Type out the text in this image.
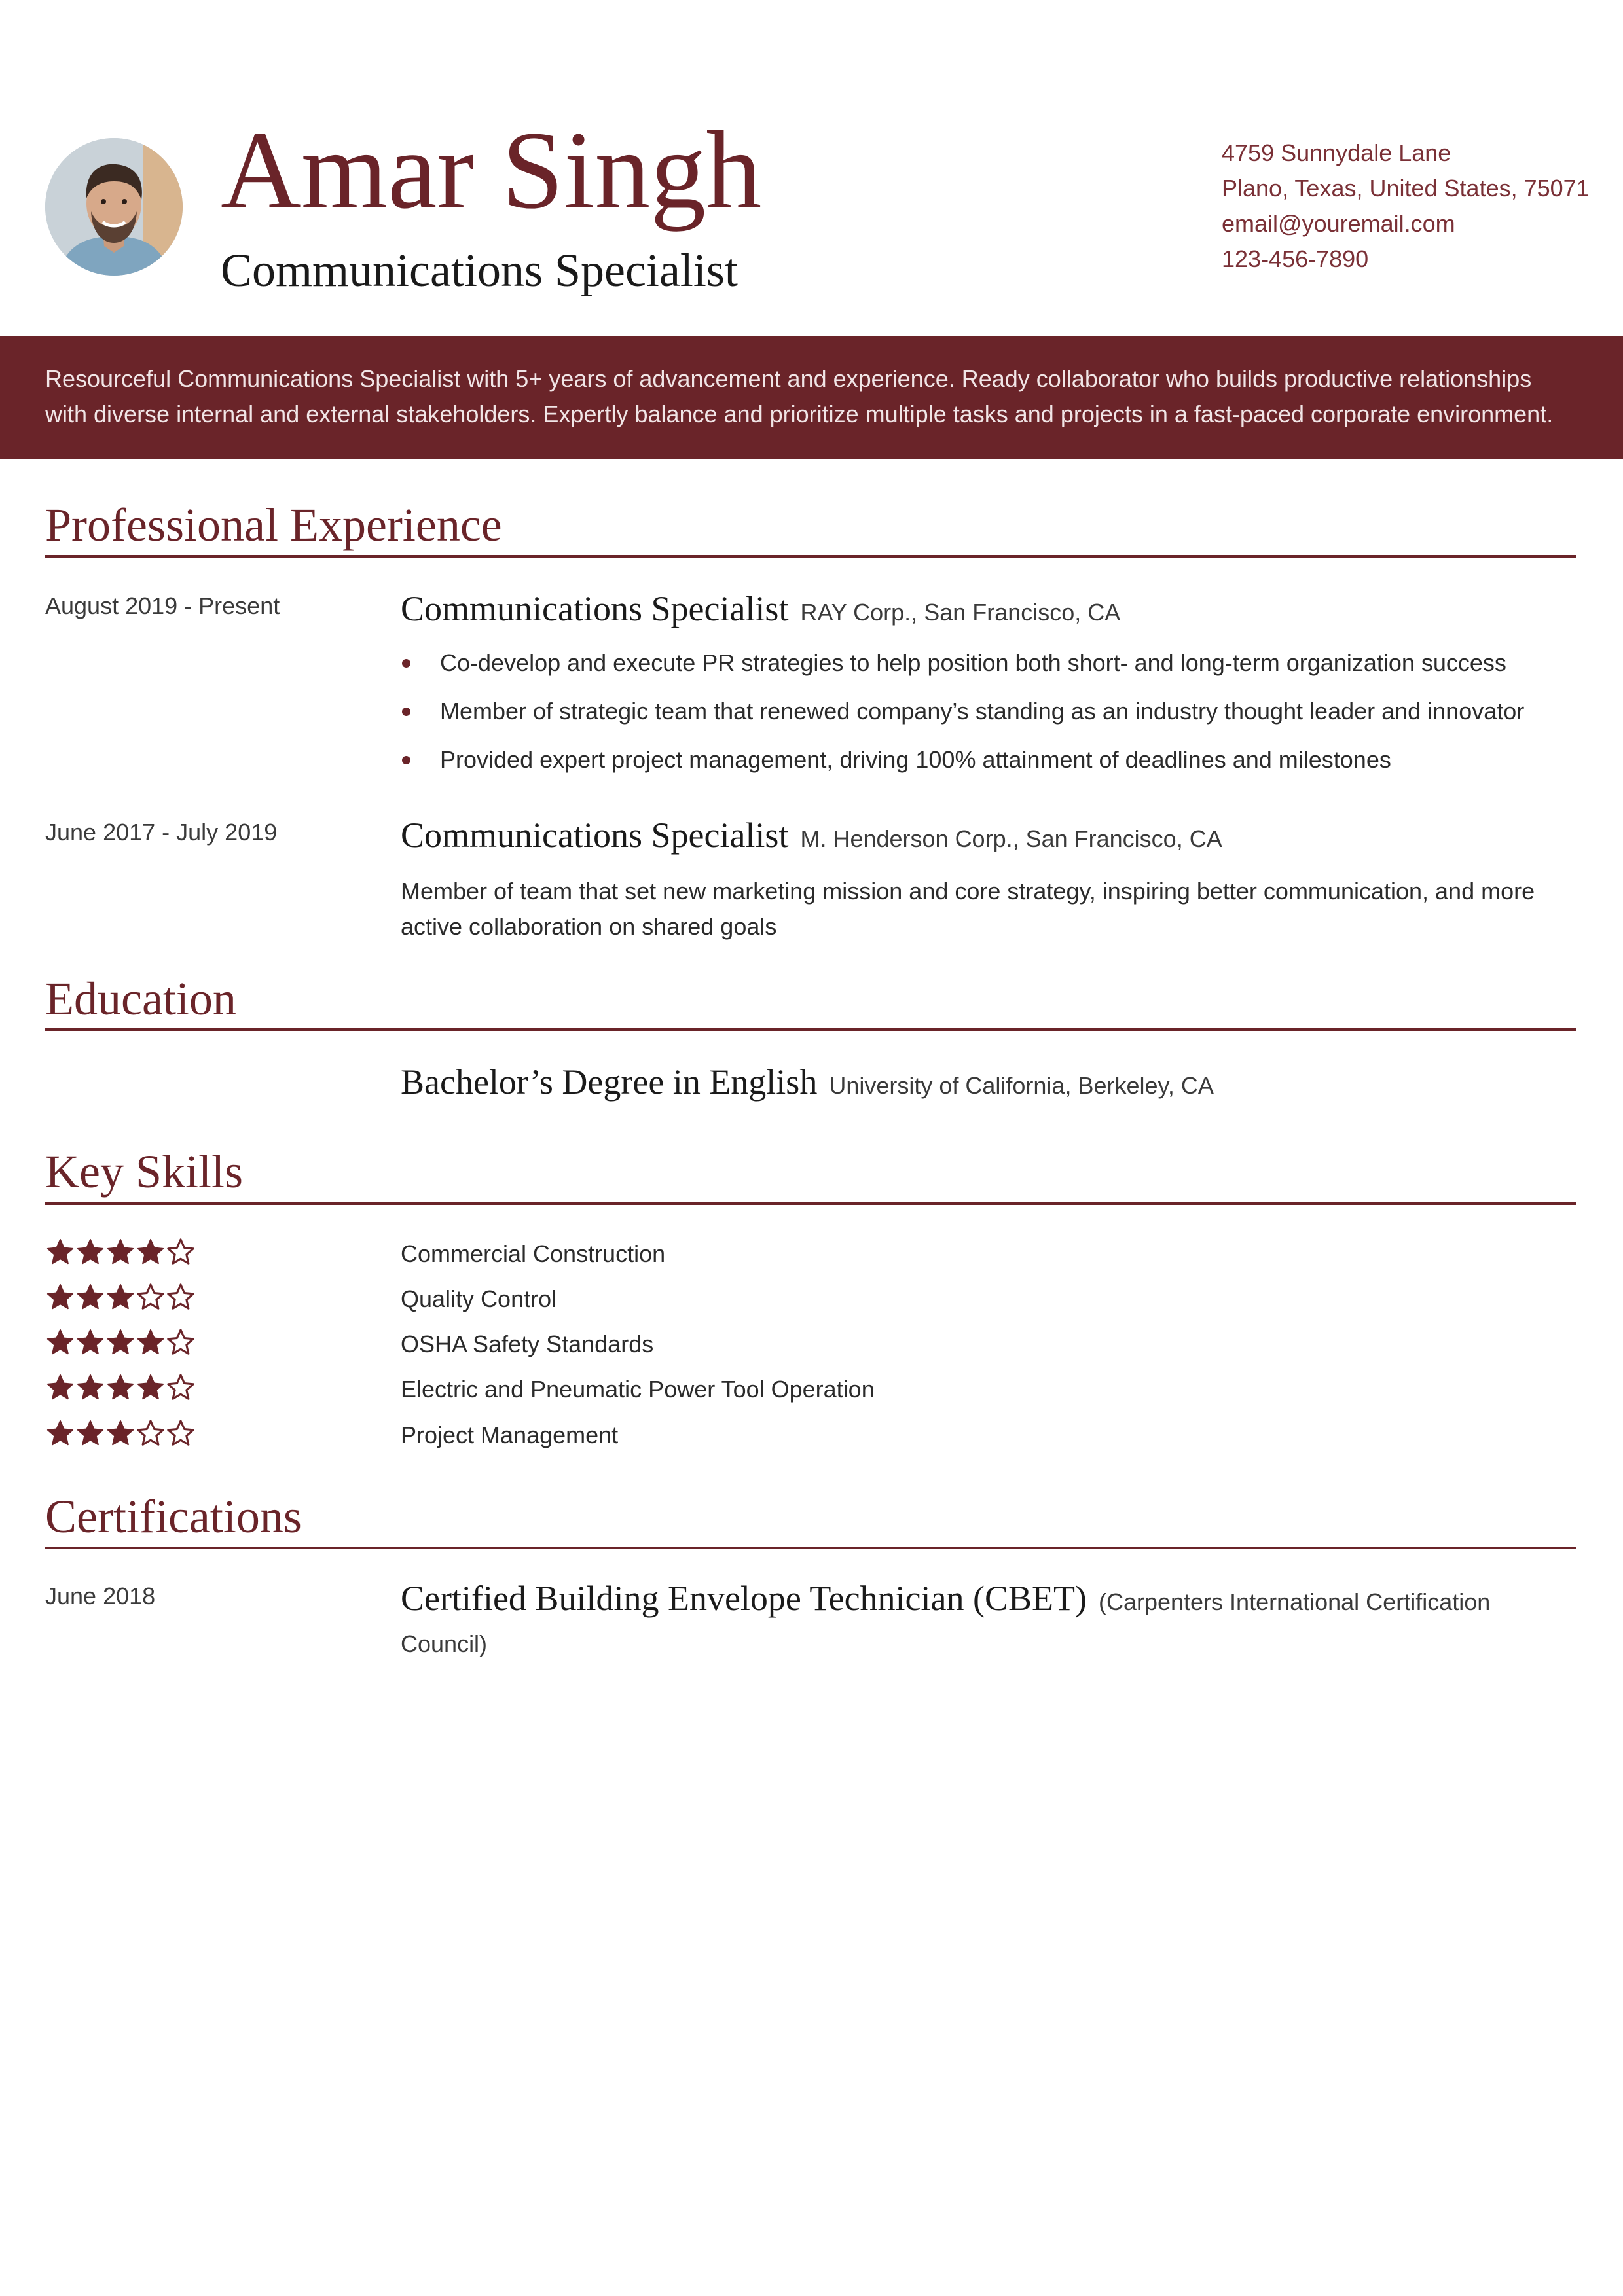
Amar Singh
Communications Specialist
4759 Sunnydale Lane
Plano, Texas, United States, 75071
email@youremail.com
123-456-7890

Resourceful Communications Specialist with 5+ years of advancement and experience. Ready collaborator who builds productive relationships with diverse internal and external stakeholders. Expertly balance and prioritize multiple tasks and projects in a fast-paced corporate environment.

Professional Experience
August 2019 - Present	Communications Specialist RAY Corp., San Francisco, CA
Co-develop and execute PR strategies to help position both short- and long-term organization success
Member of strategic team that renewed company’s standing as an industry thought leader and innovator
Provided expert project management, driving 100% attainment of deadlines and milestones
June 2017 - July 2019	Communications Specialist M. Henderson Corp., San Francisco, CA

Member of team that set new marketing mission and core strategy, inspiring better communication, and more active collaboration on shared goals

Education
Bachelor’s Degree in English University of California, Berkeley, CA
Key Skills
Commercial Construction
Quality Control
OSHA Safety Standards
Electric and Pneumatic Power Tool Operation
Project Management
Certifications
June 2018	Certified Building Envelope Technician (CBET) (Carpenters International Certification Council)
